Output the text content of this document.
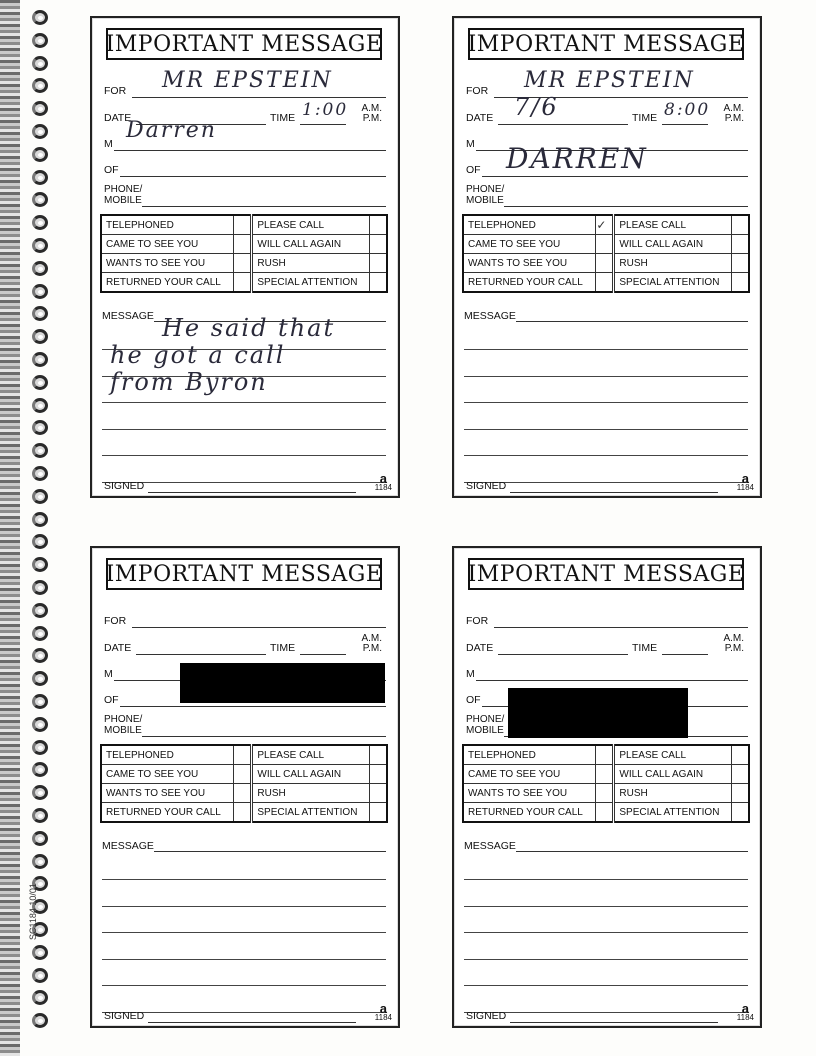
SC1184 10/01
IMPORTANT MESSAGE
FOR MR EPSTEIN
DATE	TIME 1:00	A.M.
P.M.
M
Darren
OF
PHONE/
MOBILE
TELEPHONED		PLEASE CALL	
CAME TO SEE YOU		WILL CALL AGAIN	
WANTS TO SEE YOU		RUSH	
RETURNED YOUR CALL		SPECIAL ATTENTION	
MESSAGE He said that
he got a call
from Byron
SIGNED	a
1184
IMPORTANT MESSAGE
FOR MR EPSTEIN
DATE 7/6	TIME 8:00	A.M.
P.M.
M
OF DARREN
PHONE/
MOBILE
TELEPHONED	✓	PLEASE CALL	
CAME TO SEE YOU		WILL CALL AGAIN	
WANTS TO SEE YOU		RUSH	
RETURNED YOUR CALL		SPECIAL ATTENTION	
MESSAGE
SIGNED	a
1184
IMPORTANT MESSAGE
FOR
DATE	TIME
A.M.
P.M.
M
OF
PHONE/
MOBILE
TELEPHONED		PLEASE CALL	
CAME TO SEE YOU		WILL CALL AGAIN	
WANTS TO SEE YOU		RUSH	
RETURNED YOUR CALL		SPECIAL ATTENTION	
MESSAGE
SIGNED	a
1184
IMPORTANT MESSAGE
FOR
DATE	TIME
A.M.
P.M.
M
OF
PHONE/
MOBILE
TELEPHONED		PLEASE CALL	
CAME TO SEE YOU		WILL CALL AGAIN	
WANTS TO SEE YOU		RUSH	
RETURNED YOUR CALL		SPECIAL ATTENTION	
MESSAGE
SIGNED	a
1184
